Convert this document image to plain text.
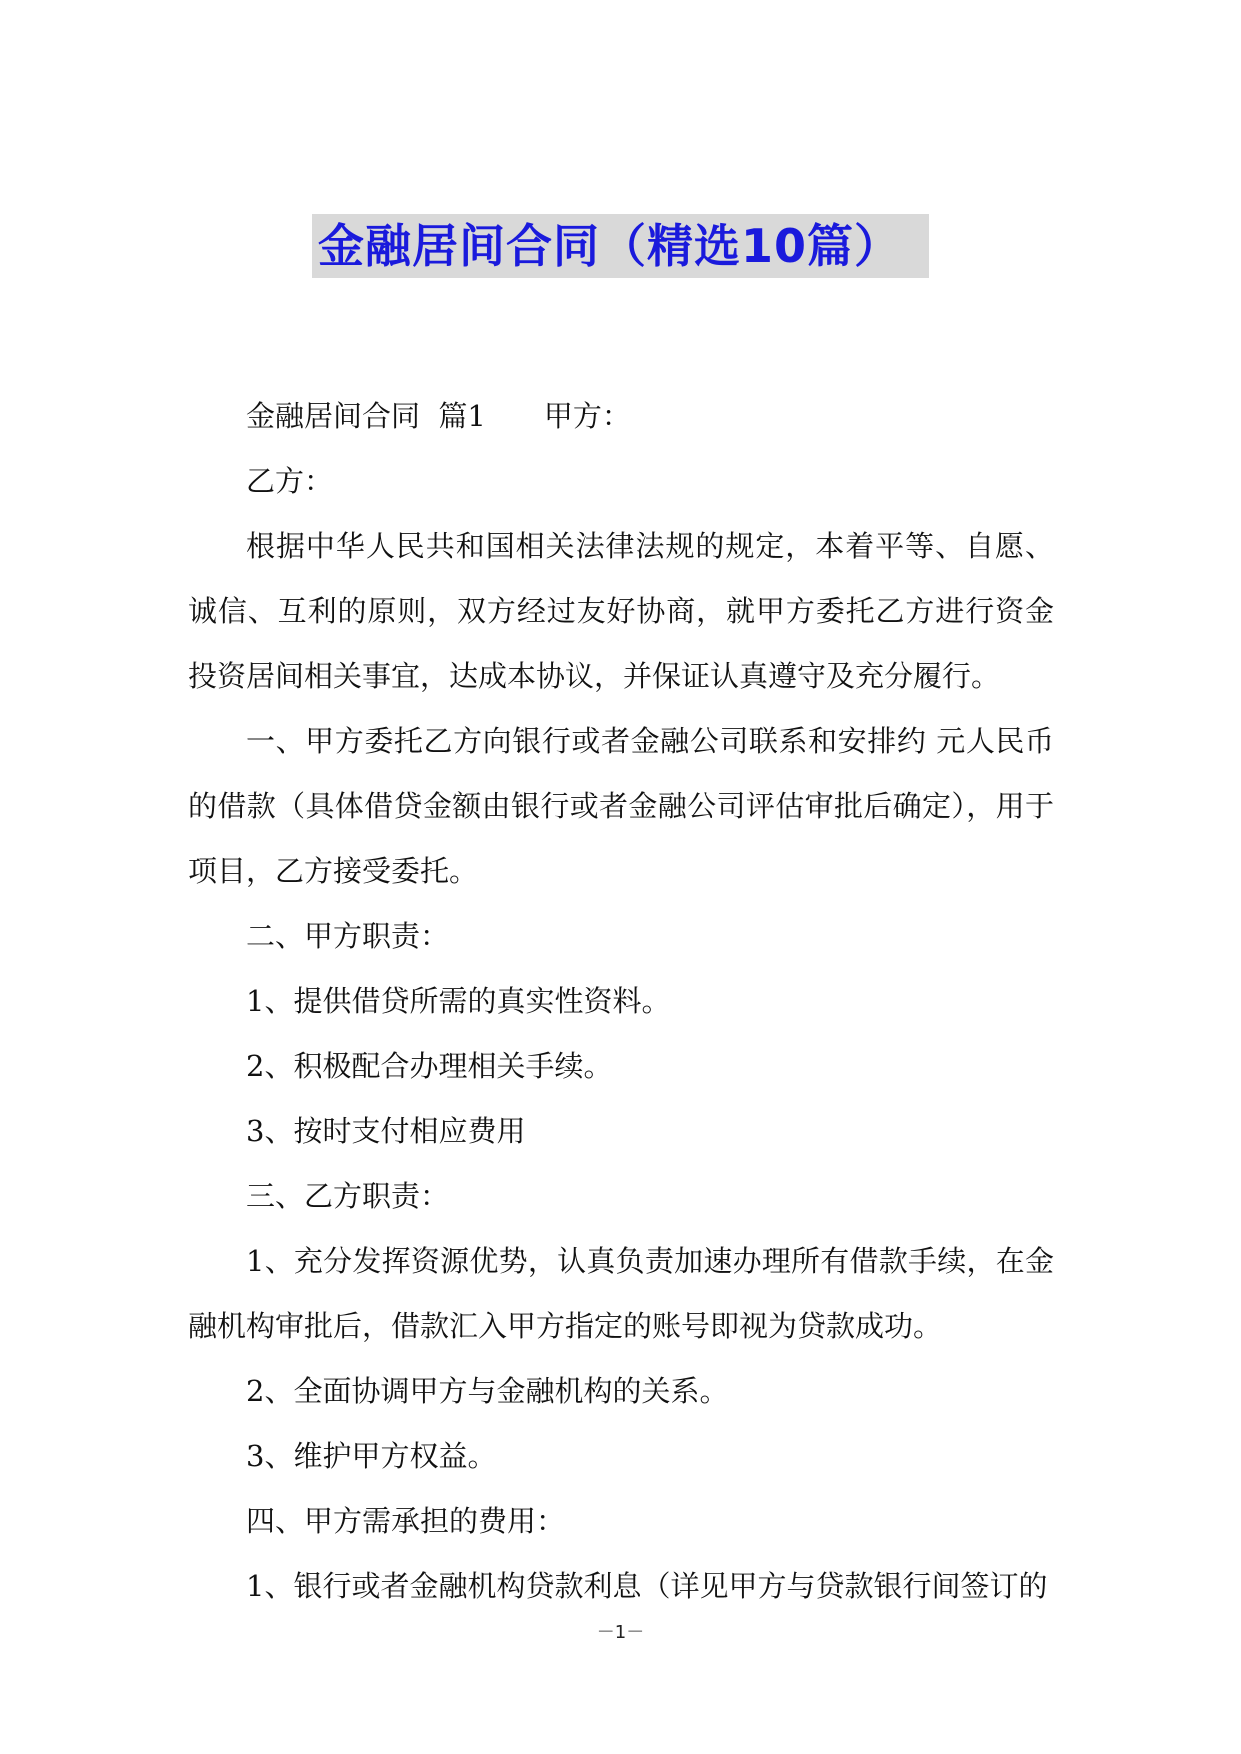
金融居间合同（精选10篇）

金融居间合同  篇1 甲方：

乙方：

根据中华人民共和国相关法律法规的规定，本着平等、自愿、诚信、互利的原则，双方经过友好协商，就甲方委托乙方进行资金投资居间相关事宜，达成本协议，并保证认真遵守及充分履行。

一、甲方委托乙方向银行或者金融公司联系和安排约 元人民币的借款（具体借贷金额由银行或者金融公司评估审批后确定），用于项目，乙方接受委托。

二、甲方职责：

1、提供借贷所需的真实性资料。

2、积极配合办理相关手续。

3、按时支付相应费用

三、乙方职责：

1、充分发挥资源优势，认真负责加速办理所有借款手续，在金融机构审批后，借款汇入甲方指定的账号即视为贷款成功。

2、全面协调甲方与金融机构的关系。

3、维护甲方权益。

四、甲方需承担的费用：

1、银行或者金融机构贷款利息（详见甲方与贷款银行间签订的

－1－
